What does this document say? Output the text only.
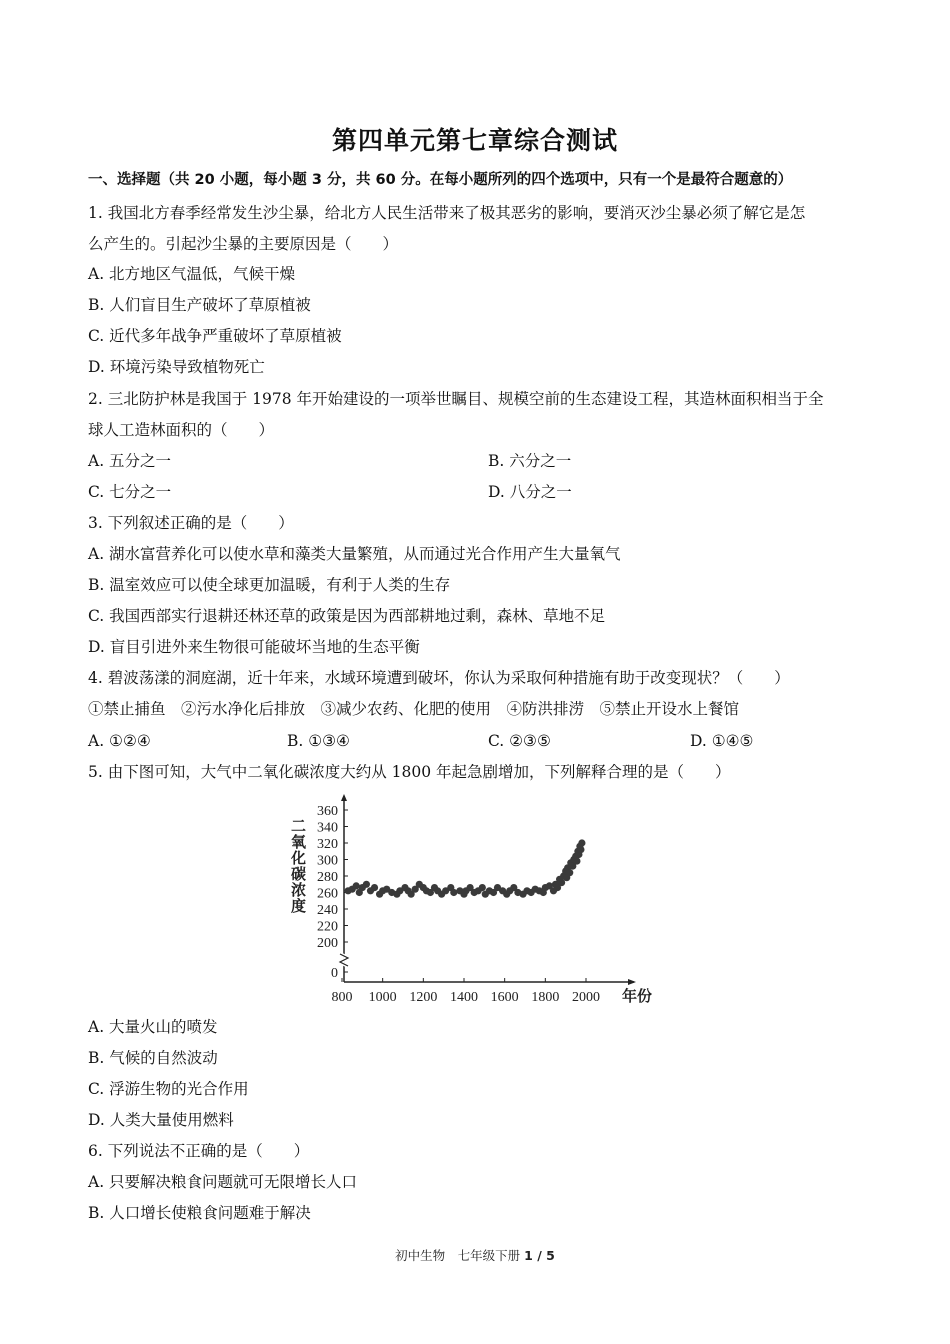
第四单元第七章综合测试
一、选择题（共 20 小题，每小题 3 分，共 60 分。在每小题所列的四个选项中，只有一个是最符合题意的）
1. 我国北方春季经常发生沙尘暴，给北方人民生活带来了极其恶劣的影响，要消灭沙尘暴必须了解它是怎
么产生的。引起沙尘暴的主要原因是（　　）
A. 北方地区气温低，气候干燥
B. 人们盲目生产破坏了草原植被
C. 近代多年战争严重破坏了草原植被
D. 环境污染导致植物死亡
2. 三北防护林是我国于 1978 年开始建设的一项举世瞩目、规模空前的生态建设工程，其造林面积相当于全
球人工造林面积的（　　）
A. 五分之一	B. 六分之一
C. 七分之一	D. 八分之一
3. 下列叙述正确的是（　　）
A. 湖水富营养化可以使水草和藻类大量繁殖，从而通过光合作用产生大量氧气
B. 温室效应可以使全球更加温暖，有利于人类的生存
C. 我国西部实行退耕还林还草的政策是因为西部耕地过剩，森林、草地不足
D. 盲目引进外来生物很可能破坏当地的生态平衡
4. 碧波荡漾的洞庭湖，近十年来，水域环境遭到破坏，你认为采取何种措施有助于改变现状？（　　）
①禁止捕鱼　②污水净化后排放　③减少农药、化肥的使用　④防洪排涝　⑤禁止开设水上餐馆
A. ①②④	B. ①③④	C. ②③⑤	D. ①④⑤
5. 由下图可知，大气中二氧化碳浓度大约从 1800 年起急剧增加，下列解释合理的是（　　）
0
200
220
240
260
280
300
320
340
360
800 1000 1200 1400 1600 1800 2000 年份
二氧化碳浓度
A. 大量火山的喷发
B. 气候的自然波动
C. 浮游生物的光合作用
D. 人类大量使用燃料
6. 下列说法不正确的是（　　）
A. 只要解决粮食问题就可无限增长人口
B. 人口增长使粮食问题难于解决
初中生物　七年级下册 1 / 5
